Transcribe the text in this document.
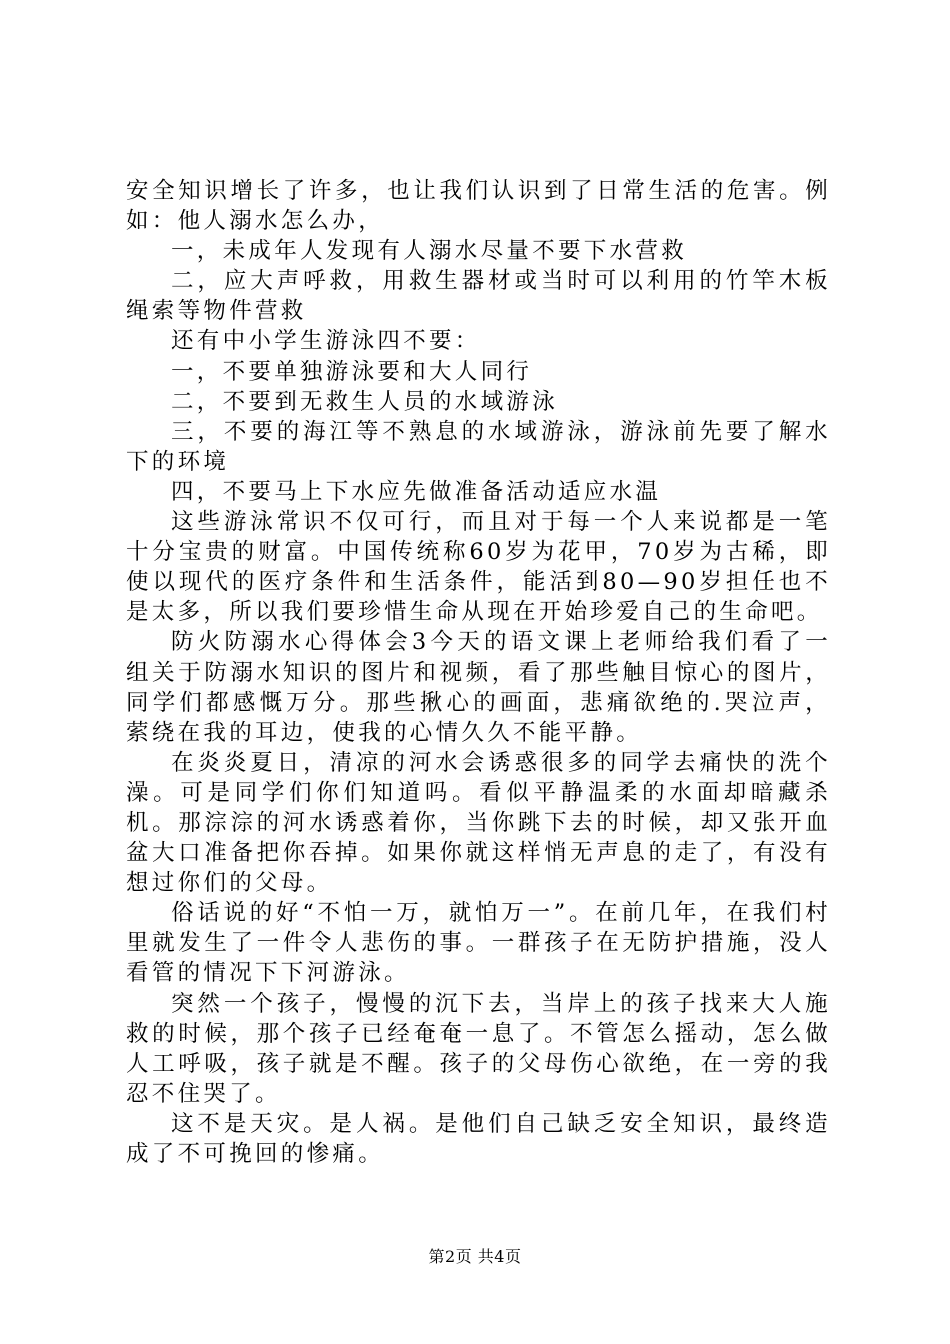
安全知识增长了许多，也让我们认识到了日常生活的危害。例如：他人溺水怎么办，

一，未成年人发现有人溺水尽量不要下水营救

二，应大声呼救，用救生器材或当时可以利用的竹竿木板绳索等物件营救

还有中小学生游泳四不要：

一，不要单独游泳要和大人同行

二，不要到无救生人员的水域游泳

三，不要的海江等不熟息的水域游泳，游泳前先要了解水下的环境

四，不要马上下水应先做准备活动适应水温

这些游泳常识不仅可行，而且对于每一个人来说都是一笔十分宝贵的财富。中国传统称60岁为花甲，70岁为古稀，即使以现代的医疗条件和生活条件，能活到80—90岁担任也不是太多，所以我们要珍惜生命从现在开始珍爱自己的生命吧。

防火防溺水心得体会3今天的语文课上老师给我们看了一组关于防溺水知识的图片和视频，看了那些触目惊心的图片，同学们都感慨万分。那些揪心的画面，悲痛欲绝的.哭泣声，萦绕在我的耳边，使我的心情久久不能平静。

在炎炎夏日，清凉的河水会诱惑很多的同学去痛快的洗个澡。可是同学们你们知道吗。看似平静温柔的水面却暗藏杀机。那淙淙的河水诱惑着你，当你跳下去的时候，却又张开血盆大口准备把你吞掉。如果你就这样悄无声息的走了，有没有想过你们的父母。

俗话说的好“不怕一万，就怕万一”。在前几年，在我们村里就发生了一件令人悲伤的事。一群孩子在无防护措施，没人看管的情况下下河游泳。

突然一个孩子，慢慢的沉下去，当岸上的孩子找来大人施救的时候，那个孩子已经奄奄一息了。不管怎么摇动，怎么做人工呼吸，孩子就是不醒。孩子的父母伤心欲绝，在一旁的我忍不住哭了。

这不是天灾。是人祸。是他们自己缺乏安全知识，最终造成了不可挽回的惨痛。

第2页 共4页
